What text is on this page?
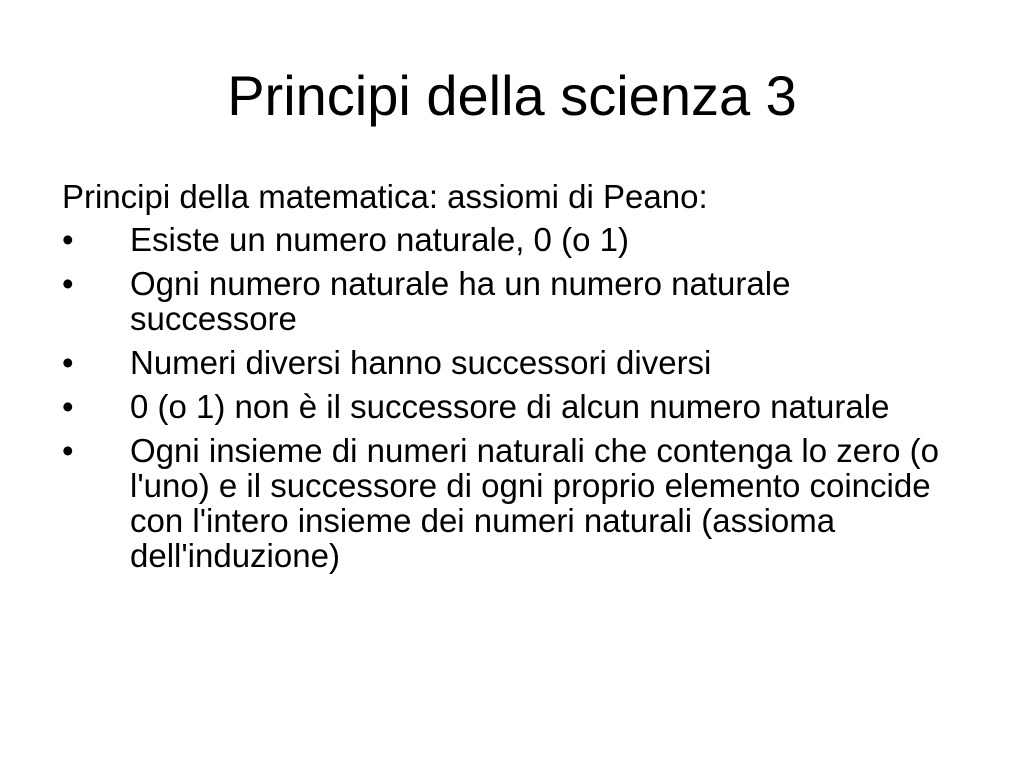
Principi della scienza 3

Principi della matematica: assiomi di Peano:

• Esiste un numero naturale, 0 (o 1)
• Ogni numero naturale ha un numero naturale successore
• Numeri diversi hanno successori diversi
• 0 (o 1) non è il successore di alcun numero naturale
• Ogni insieme di numeri naturali che contenga lo zero (o l'uno) e il successore di ogni proprio elemento coincide con l'intero insieme dei numeri naturali (assioma dell'induzione)
